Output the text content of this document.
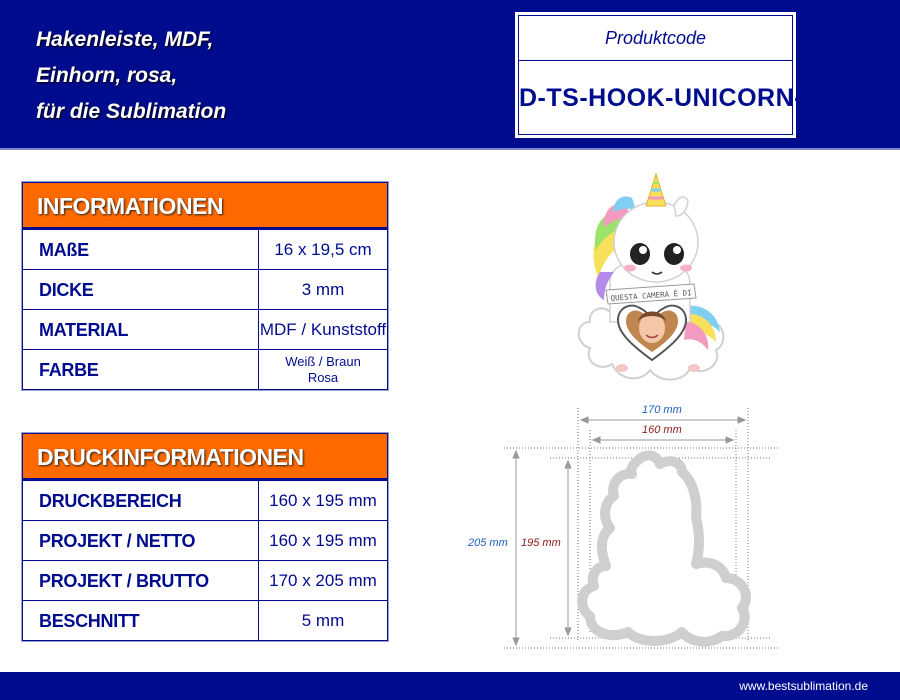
Hakenleiste, MDF,
Einhorn, rosa,
für die Sublimation
Produktcode
D-TS-HOOK-UNICORN-PI
INFORMATIONEN
MAßE	16 x 19,5 cm
DICKE	3 mm
MATERIAL	MDF / Kunststoff
FARBE	Weiß / Braun
Rosa
DRUCKINFORMATIONEN
DRUCKBEREICH	160 x 195 mm
PROJEKT / NETTO	160 x 195 mm
PROJEKT / BRUTTO	170 x 205 mm
BESCHNITT	5 mm
QUESTA CAMERA È DI
170 mm
160 mm
205 mm 195 mm
www.bestsublimation.de
